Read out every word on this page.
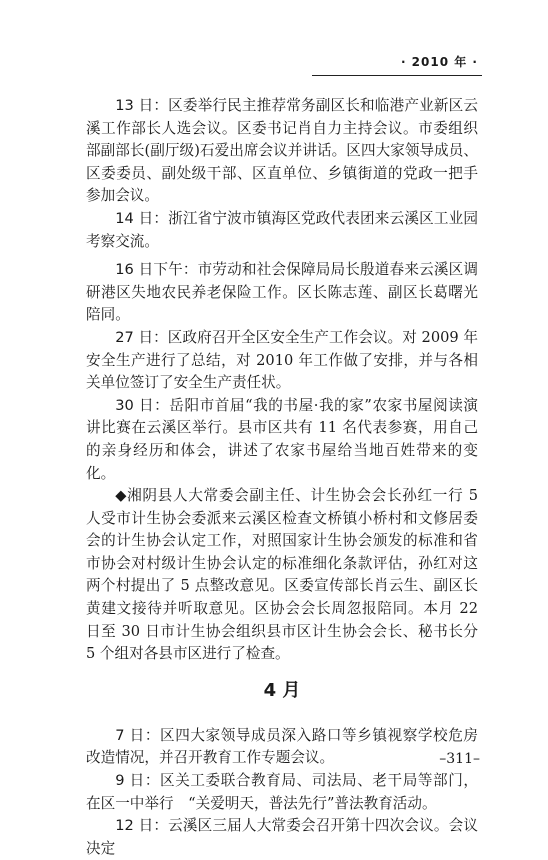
· 2010 年 ·

13 日：区委举行民主推荐常务副区长和临港产业新区云溪工作部长人选会议。区委书记肖自力主持会议。市委组织部副部长(副厅级)石爱出席会议并讲话。区四大家领导成员、区委委员、副处级干部、区直单位、乡镇街道的党政一把手参加会议。

14 日：浙江省宁波市镇海区党政代表团来云溪区工业园考察交流。

16 日下午：市劳动和社会保障局局长殷道春来云溪区调研港区失地农民养老保险工作。区长陈志莲、副区长葛曙光陪同。

27 日：区政府召开全区安全生产工作会议。对 2009 年安全生产进行了总结，对 2010 年工作做了安排，并与各相关单位签订了安全生产责任状。

30 日：岳阳市首届“我的书屋·我的家”农家书屋阅读演讲比赛在云溪区举行。县市区共有 11 名代表参赛，用自己的亲身经历和体会，讲述了农家书屋给当地百姓带来的变化。

◆湘阴县人大常委会副主任、计生协会会长孙红一行 5 人受市计生协会委派来云溪区检查文桥镇小桥村和文修居委会的计生协会认定工作，对照国家计生协会颁发的标准和省市协会对村级计生协会认定的标准细化条款评估，孙红对这两个村提出了 5 点整改意见。区委宣传部长肖云生、副区长黄建文接待并听取意见。区协会会长周忽报陪同。本月 22 日至 30 日市计生协会组织县市区计生协会会长、秘书长分 5 个组对各县市区进行了检查。

4 月

7 日：区四大家领导成员深入路口等乡镇视察学校危房改造情况，并召开教育工作专题会议。

9 日：区关工委联合教育局、司法局、老干局等部门，在区一中举行　“关爱明天，普法先行”普法教育活动。

12 日：云溪区三届人大常委会召开第十四次会议。会议决定

–311–
